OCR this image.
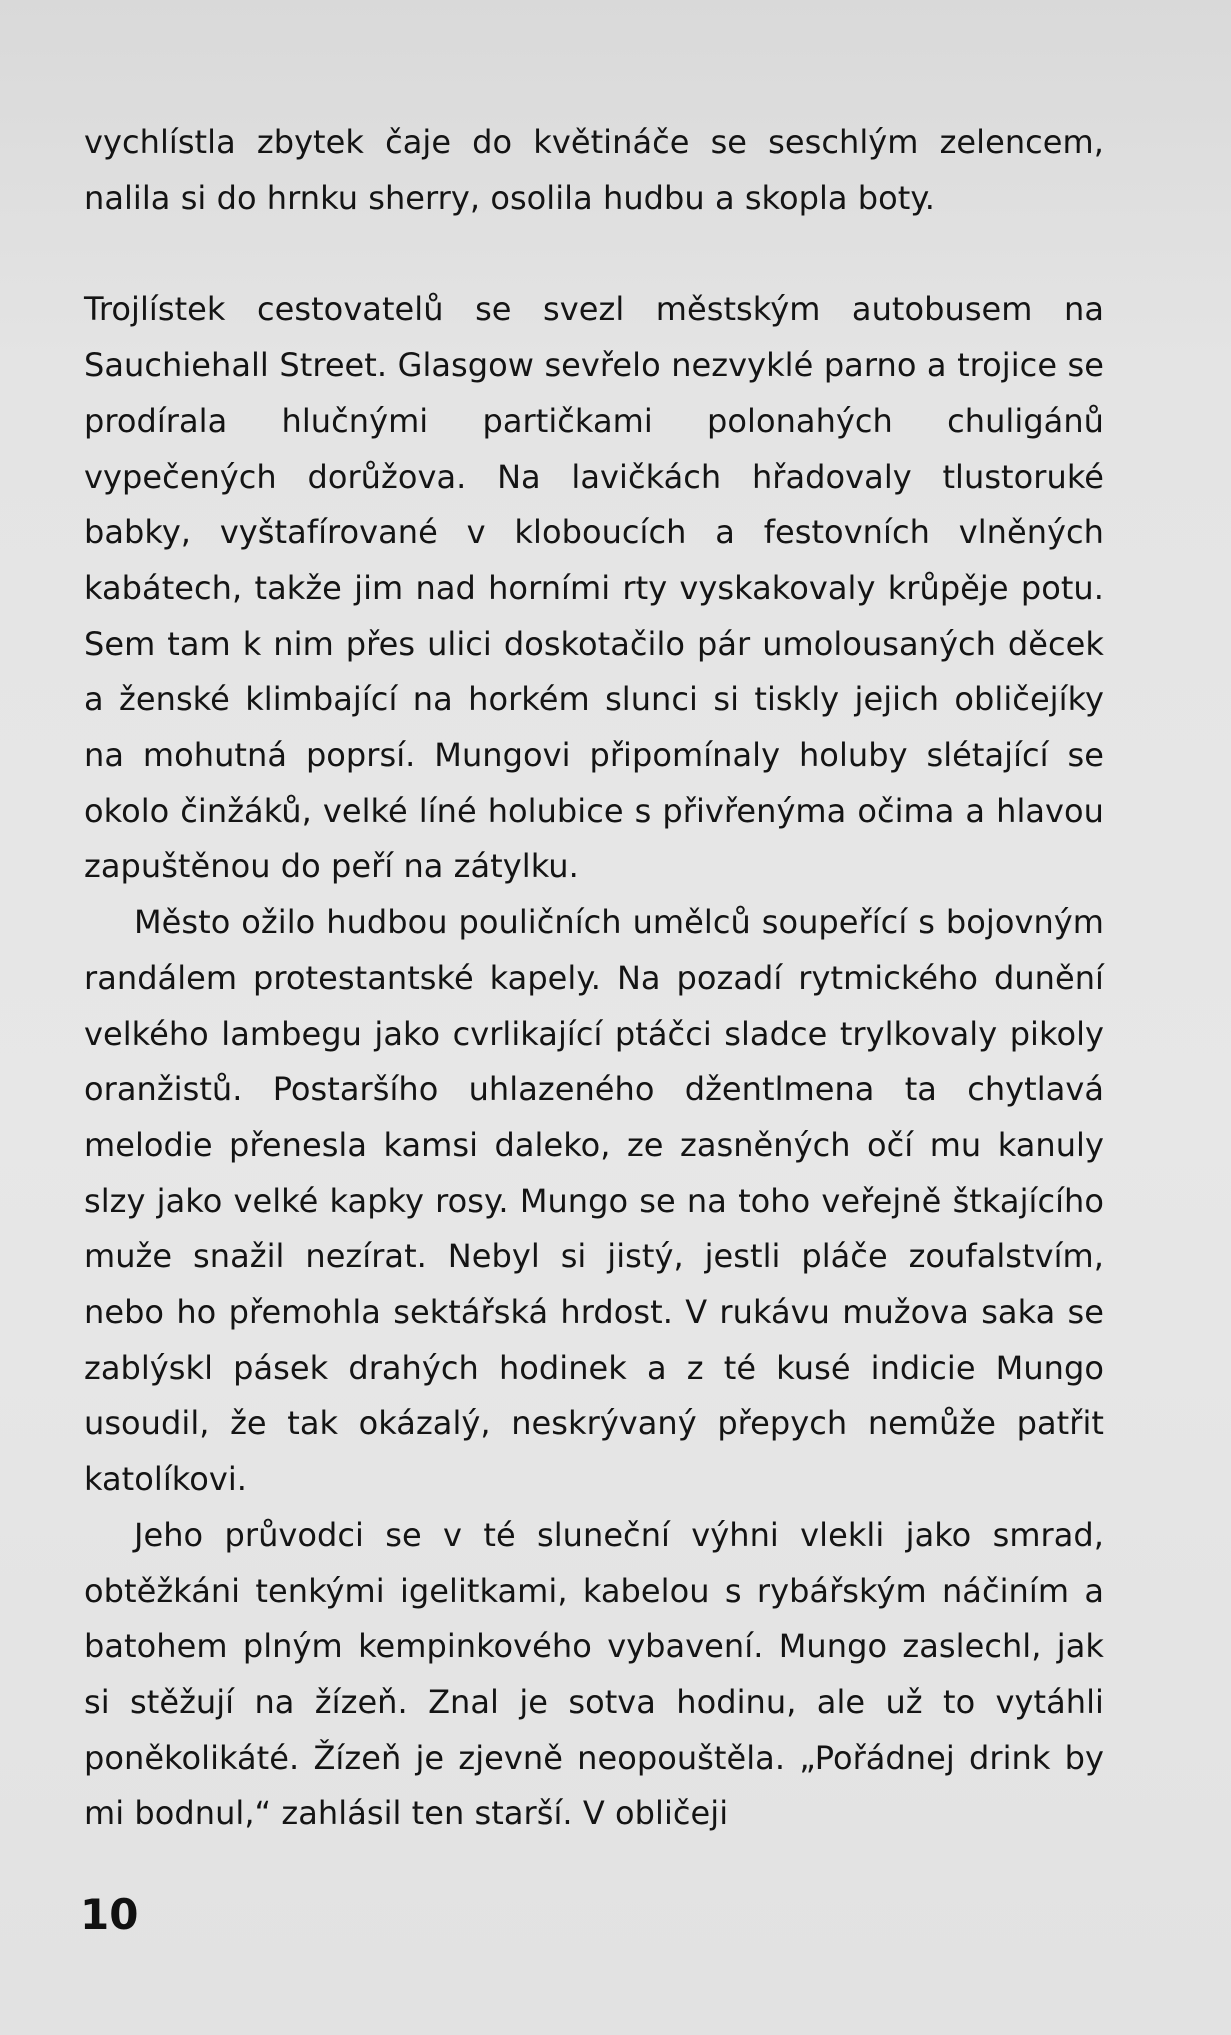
vychlístla zbytek čaje do květináče se seschlým zelencem, nalila si do hrnku sherry, osolila hudbu a skopla boty.

Trojlístek cestovatelů se svezl městským autobusem na Sauchiehall Street. Glasgow sevřelo nezvyklé parno a trojice se prodírala hlučnými partičkami polonahých chuligánů vypečených dorůžova. Na lavičkách hřadovaly tlustoruké babky, vyštafírované v kloboucích a festovních vlněných kabátech, takže jim nad horními rty vyskakovaly krůpěje potu. Sem tam k nim přes ulici doskotačilo pár umolousaných děcek a ženské klimbající na horkém slunci si tiskly jejich obličejíky na mohutná poprsí. Mungovi připomínaly holuby slétající se okolo činžáků, velké líné holubice s přivřenýma očima a hlavou zapuštěnou do peří na zátylku.

Město ožilo hudbou pouličních umělců soupeřící s bojovným randálem protestantské kapely. Na pozadí rytmického dunění velkého lambegu jako cvrlikající ptáčci sladce trylkovaly pikoly oranžistů. Postaršího uhlazeného džentlmena ta chytlavá melodie přenesla kamsi daleko, ze zasněných očí mu kanuly slzy jako velké kapky rosy. Mungo se na toho veřejně štkajícího muže snažil nezírat. Nebyl si jistý, jestli pláče zoufalstvím, nebo ho přemohla sektářská hrdost. V rukávu mužova saka se zablýskl pásek drahých hodinek a z té kusé indicie Mungo usoudil, že tak okázalý, neskrývaný přepych nemůže patřit katolíkovi.

Jeho průvodci se v té sluneční výhni vlekli jako smrad, obtěžkáni tenkými igelitkami, kabelou s rybářským náčiním a batohem plným kempinkového vybavení. Mungo zaslechl, jak si stěžují na žízeň. Znal je sotva hodinu, ale už to vytáhli poněkolikáté. Žízeň je zjevně neopouštěla. „Pořádnej drink by mi bodnul,“ zahlásil ten starší. V obličeji

10
